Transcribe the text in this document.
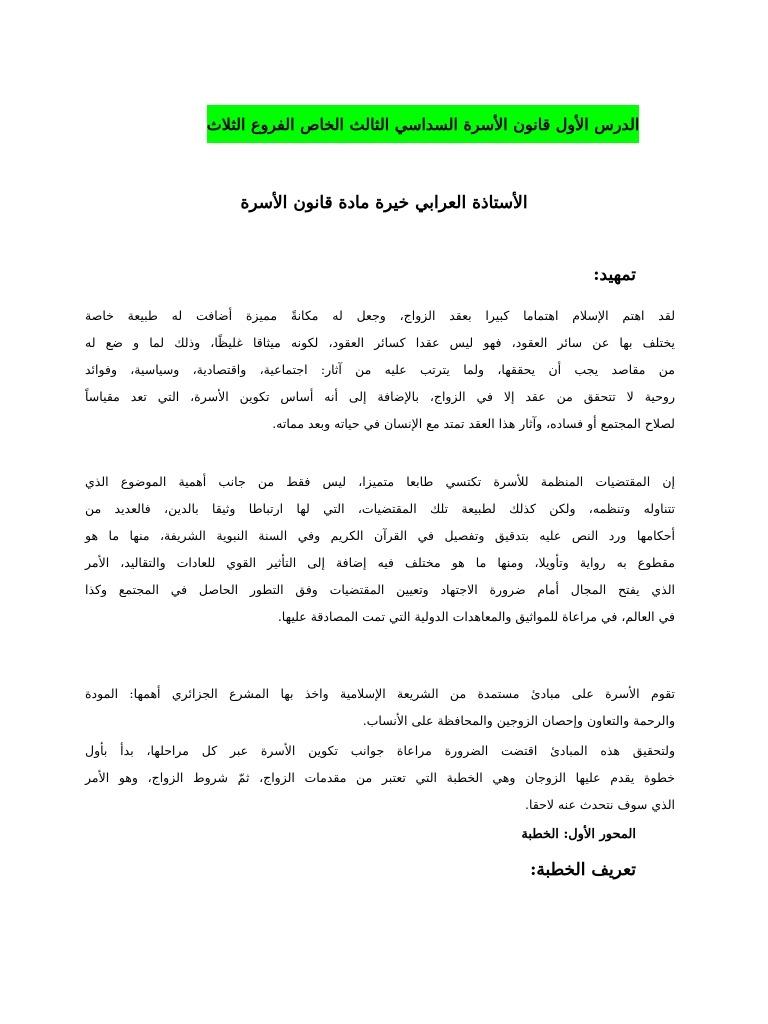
الدرس الأول قانون الأسرة السداسي الثالث الخاص الفروع الثلاث
الأستاذة العرابي خيرة مادة قانون الأسرة
تمهيد:

لقد اهتم الإسلام اهتماما كبيرا بعقد الزواج، وجعل له مكانةً مميزة أضافت له طبيعة خاصة
يختلف بها عن سائر العقود، فهو ليس عقدا كسائر العقود، لكونه ميثاقا غليظًا، وذلك لما و ضع له
من مقاصد يجب أن يحققها، ولما يترتب عليه من آثار: اجتماعية، واقتصادية، وسياسية، وفوائد
روحية لا تتحقق من عقد إلا في الزواج، بالإضافة إلى أنه أساس تكوين الأسرة، التي تعد مقياساً
لصلاح المجتمع أو فساده، وآثار هذا العقد تمتد مع الإنسان في حياته وبعد مماته.

إن المقتضيات المنظمة للأسرة تكتسي طابعا متميزا، ليس فقط من جانب أهمية الموضوع الذي
تتناوله وتنظمه، ولكن كذلك لطبيعة تلك المقتضيات، التي لها ارتباطا وثيقا بالدين، فالعديد من
أحكامها ورد النص عليه بتدقيق وتفصيل في القرآن الكريم وفي السنة النبوية الشريفة، منها ما هو
مقطوع به رواية وتأويلا، ومنها ما هو مختلف فيه إضافة إلى التأثير القوي للعادات والتقاليد، الأمر
الذي يفتح المجال أمام ضرورة الاجتهاد وتعيين المقتضيات وفق التطور الحاصل في المجتمع وكذا
في العالم، في مراعاة للمواثيق والمعاهدات الدولية التي تمت المصادقة عليها.

تقوم الأسرة على مبادئ مستمدة من الشريعة الإسلامية واخذ بها المشرع الجزائري أهمها: المودة
والرحمة والتعاون وإحصان الزوجين والمحافظة على الأنساب.

ولتحقيق هذه المبادئ اقتضت الضرورة مراعاة جوانب تكوين الأسرة عبر كل مراحلها، بدأ بأول
خطوة يقدم عليها الزوجان وهي الخطبة التي تعتبر من مقدمات الزواج، ثمّ شروط الزواج، وهو الأمر
الذي سوف نتحدث عنه لاحقا.

المحور الأول: الخطبة
تعريف الخطبة:
